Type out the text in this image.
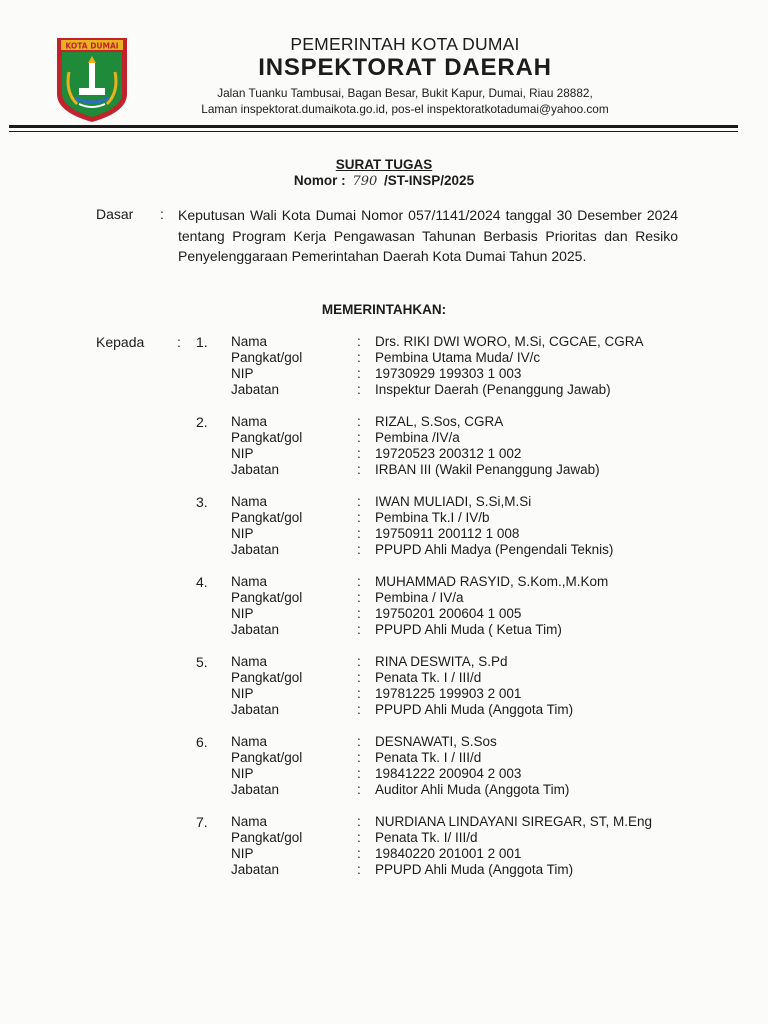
KOTA DUMAI	PEMERINTAH KOTA DUMAI
INSPEKTORAT DAERAH
Jalan Tuanku Tambusai, Bagan Besar, Bukit Kapur, Dumai, Riau 28882,
Laman inspektorat.dumaikota.go.id, pos-el inspektoratkotadumai@yahoo.com
SURAT TUGAS
Nomor : 790 /ST-INSP/2025
Dasar : Keputusan Wali Kota Dumai Nomor 057/1141/2024 tanggal 30 Desember 2024 tentang Program Kerja Pengawasan Tahunan Berbasis Prioritas dan Resiko Penyelenggaraan Pemerintahan Daerah Kota Dumai Tahun 2025.
MEMERINTAHKAN:
Kepada : 1. Nama
Pangkat/gol
NIP
Jabatan
:
:
:
:
Drs. RIKI DWI WORO, M.Si, CGCAE, CGRA
Pembina Utama Muda/ IV/c
19730929 199303 1 003
Inspektur Daerah (Penanggung Jawab)
2. Nama
Pangkat/gol
NIP
Jabatan
:
:
:
:
RIZAL, S.Sos, CGRA
Pembina /IV/a
19720523 200312 1 002
IRBAN III (Wakil Penanggung Jawab)
3. Nama
Pangkat/gol
NIP
Jabatan
:
:
:
:
IWAN MULIADI, S.Si,M.Si
Pembina Tk.I / IV/b
19750911 200112 1 008
PPUPD Ahli Madya (Pengendali Teknis)
4. Nama
Pangkat/gol
NIP
Jabatan
:
:
:
:
MUHAMMAD RASYID, S.Kom.,M.Kom
Pembina / IV/a
19750201 200604 1 005
PPUPD Ahli Muda ( Ketua Tim)
5. Nama
Pangkat/gol
NIP
Jabatan
:
:
:
:
RINA DESWITA, S.Pd
Penata Tk. I / III/d
19781225 199903 2 001
PPUPD Ahli Muda (Anggota Tim)
6. Nama
Pangkat/gol
NIP
Jabatan
:
:
:
:
DESNAWATI, S.Sos
Penata Tk. I / III/d
19841222 200904 2 003
Auditor Ahli Muda (Anggota Tim)
7. Nama
Pangkat/gol
NIP
Jabatan
:
:
:
:
NURDIANA LINDAYANI SIREGAR, ST, M.Eng
Penata Tk. I/ III/d
19840220 201001 2 001
PPUPD Ahli Muda (Anggota Tim)
